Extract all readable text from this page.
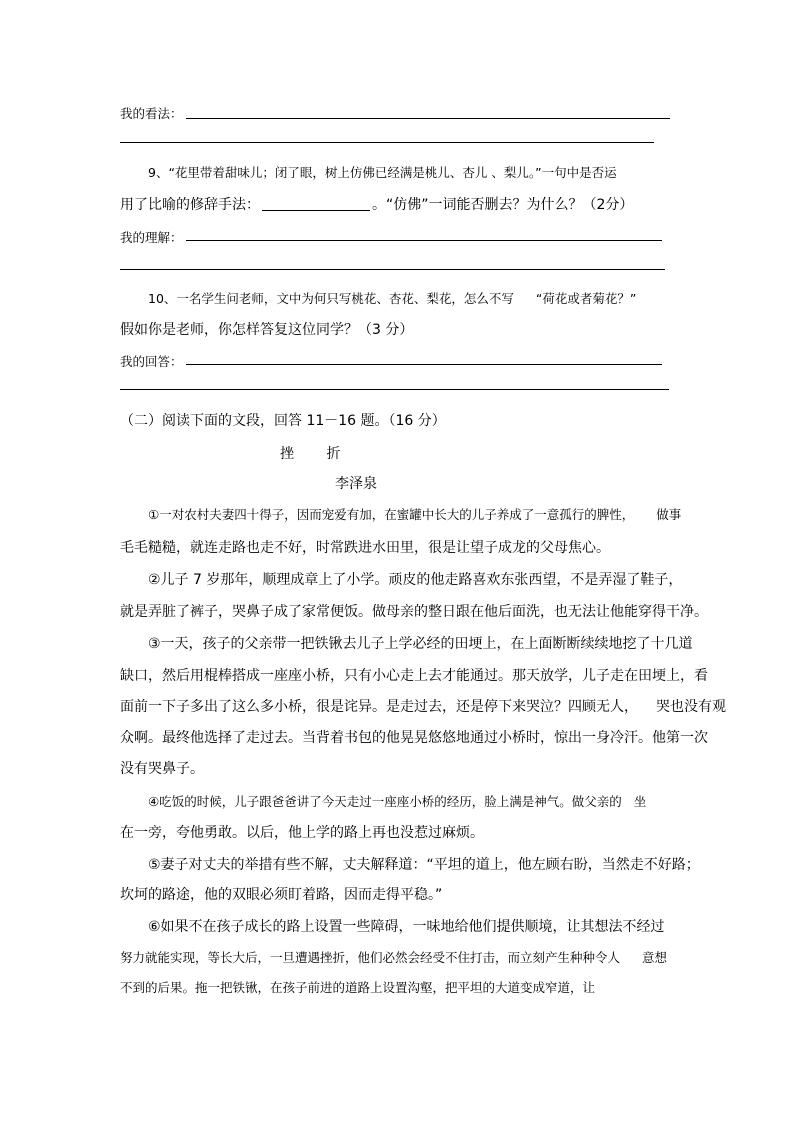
我的看法：
9、“花里带着甜味儿；闭了眼，树上仿佛已经满是桃儿、杏儿 、梨儿。”一句中是否运
用了比喻的修辞手法：	。“仿佛”一词能否删去？为什么？（2分）
我的理解：
10、一名学生问老师，文中为何只写桃花、杏花、梨花，怎么不写 “荷花或者菊花？”
假如你是老师，你怎样答复这位同学？（3 分）
我的回答：
（二）阅读下面的文段，回答 11－16 题。（16 分）
挫 折
李泽泉
①一对农村夫妻四十得子，因而宠爱有加，在蜜罐中长大的儿子养成了一意孤行的脾性， 做事
毛毛糙糙，就连走路也走不好，时常跌进水田里，很是让望子成龙的父母焦心。
②儿子 7 岁那年，顺理成章上了小学。顽皮的他走路喜欢东张西望，不是弄湿了鞋子，
就是弄脏了裤子，哭鼻子成了家常便饭。做母亲的整日跟在他后面洗，也无法让他能穿得干净。
③一天，孩子的父亲带一把铁锹去儿子上学必经的田埂上，在上面断断续续地挖了十几道
缺口，然后用棍棒搭成一座座小桥，只有小心走上去才能通过。那天放学，儿子走在田埂上，看
面前一下子多出了这么多小桥，很是诧异。是走过去，还是停下来哭泣？四顾无人， 哭也没有观
众啊。最终他选择了走过去。当背着书包的他晃晃悠悠地通过小桥时，惊出一身冷汗。他第一次
没有哭鼻子。
④吃饭的时候，儿子跟爸爸讲了今天走过一座座小桥的经历，脸上满是神气。做父亲的 坐
在一旁，夸他勇敢。以后，他上学的路上再也没惹过麻烦。
⑤妻子对丈夫的举措有些不解，丈夫解释道：“平坦的道上，他左顾右盼，当然走不好路；
坎坷的路途，他的双眼必须盯着路，因而走得平稳。”
⑥如果不在孩子成长的路上设置一些障碍，一味地给他们提供顺境，让其想法不经过
努力就能实现，等长大后，一旦遭遇挫折，他们必然会经受不住打击，而立刻产生种种令人 意想
不到的后果。拖一把铁锹，在孩子前进的道路上设置沟壑，把平坦的大道变成窄道，让
